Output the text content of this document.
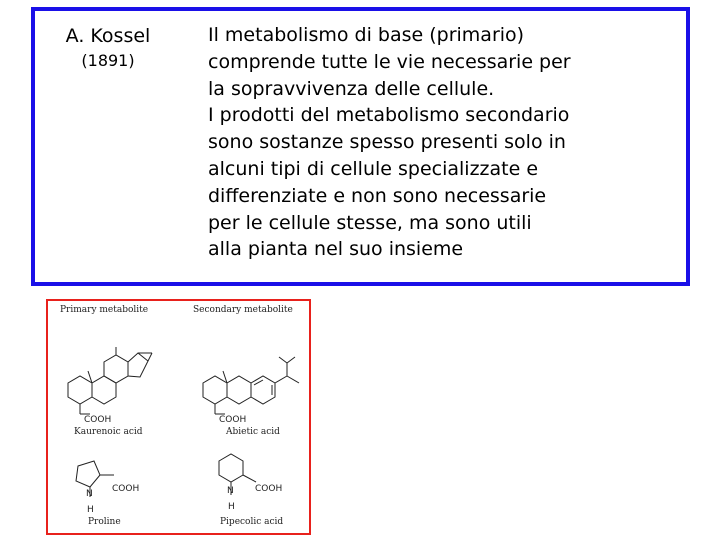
A. Kossel
(1891)
Il metabolismo di base (primario)
comprende tutte le vie necessarie per
la sopravvivenza delle cellule.
I prodotti del metabolismo secondario
sono sostanze spesso presenti solo in
alcuni tipi di cellule specializzate e
differenziate e non sono necessarie
per le cellule stesse, ma sono utili
alla pianta nel suo insieme
Primary metabolite	Secondary metabolite
COOH	COOH
COOH
N
H
COOH
N
H
Kaurenoic acid	Abietic acid
Proline	Pipecolic acid
